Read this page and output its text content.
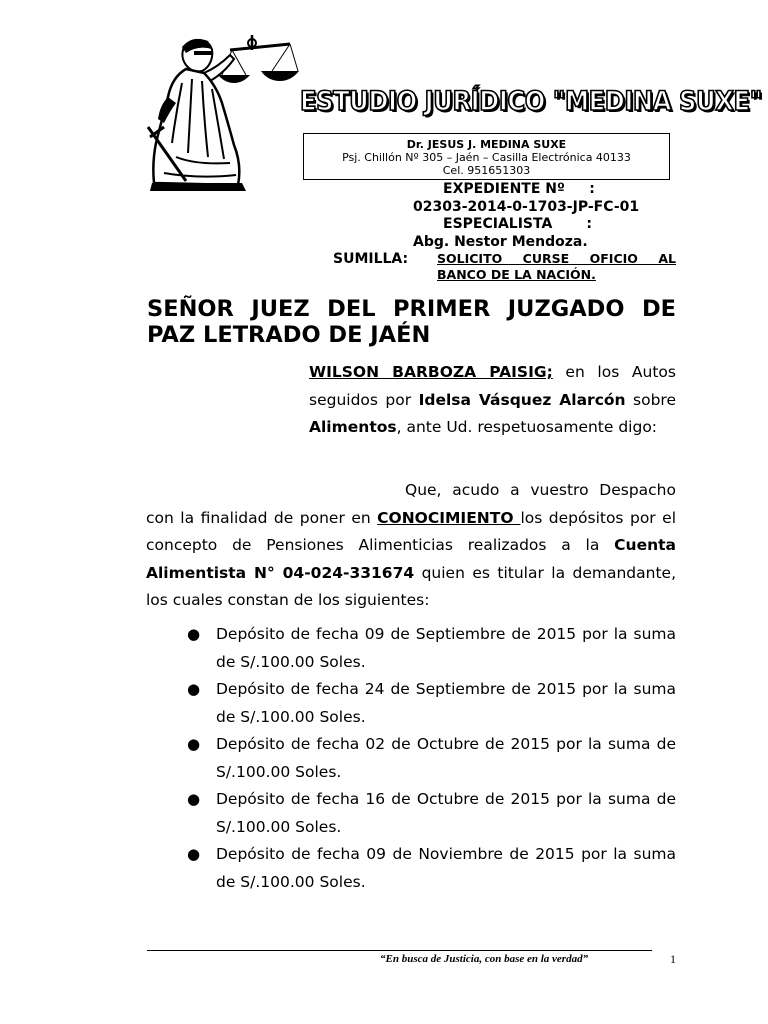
ESTUDIO JURÍDICO "MEDINA SUXE"
Dr. JESUS J. MEDINA SUXE
Psj. Chillón Nº 305 – Jaén – Casilla Electrónica 40133
Cel. 951651303
EXPEDIENTE Nº     :
02303-2014-0-1703-JP-FC-01
ESPECIALISTA       :
Abg. Nestor Mendoza.
SUMILLA: SOLICITO CURSE OFICIO AL
BANCO DE LA NACIÓN.
SEÑOR JUEZ DEL PRIMER JUZGADO DE PAZ LETRADO DE JAÉN

WILSON BARBOZA PAISIG; en los Autos seguidos por Idelsa Vásquez Alarcón sobre Alimentos, ante Ud. respetuosamente digo:

Que, acudo a vuestro Despacho con la finalidad de poner en CONOCIMIENTO los depósitos por el concepto de Pensiones Alimenticias realizados a la Cuenta Alimentista N° 04-024-331674 quien es titular la demandante, los cuales constan de los siguientes:

● Depósito de fecha 09 de Septiembre de 2015 por la suma de S/.100.00 Soles.
● Depósito de fecha 24 de Septiembre de 2015 por la suma de S/.100.00 Soles.
● Depósito de fecha 02 de Octubre de 2015 por la suma de S/.100.00 Soles.
● Depósito de fecha 16 de Octubre de 2015 por la suma de S/.100.00 Soles.
● Depósito de fecha 09 de Noviembre de 2015 por la suma de S/.100.00 Soles.
“En busca de Justicia, con base en la verdad”	1
